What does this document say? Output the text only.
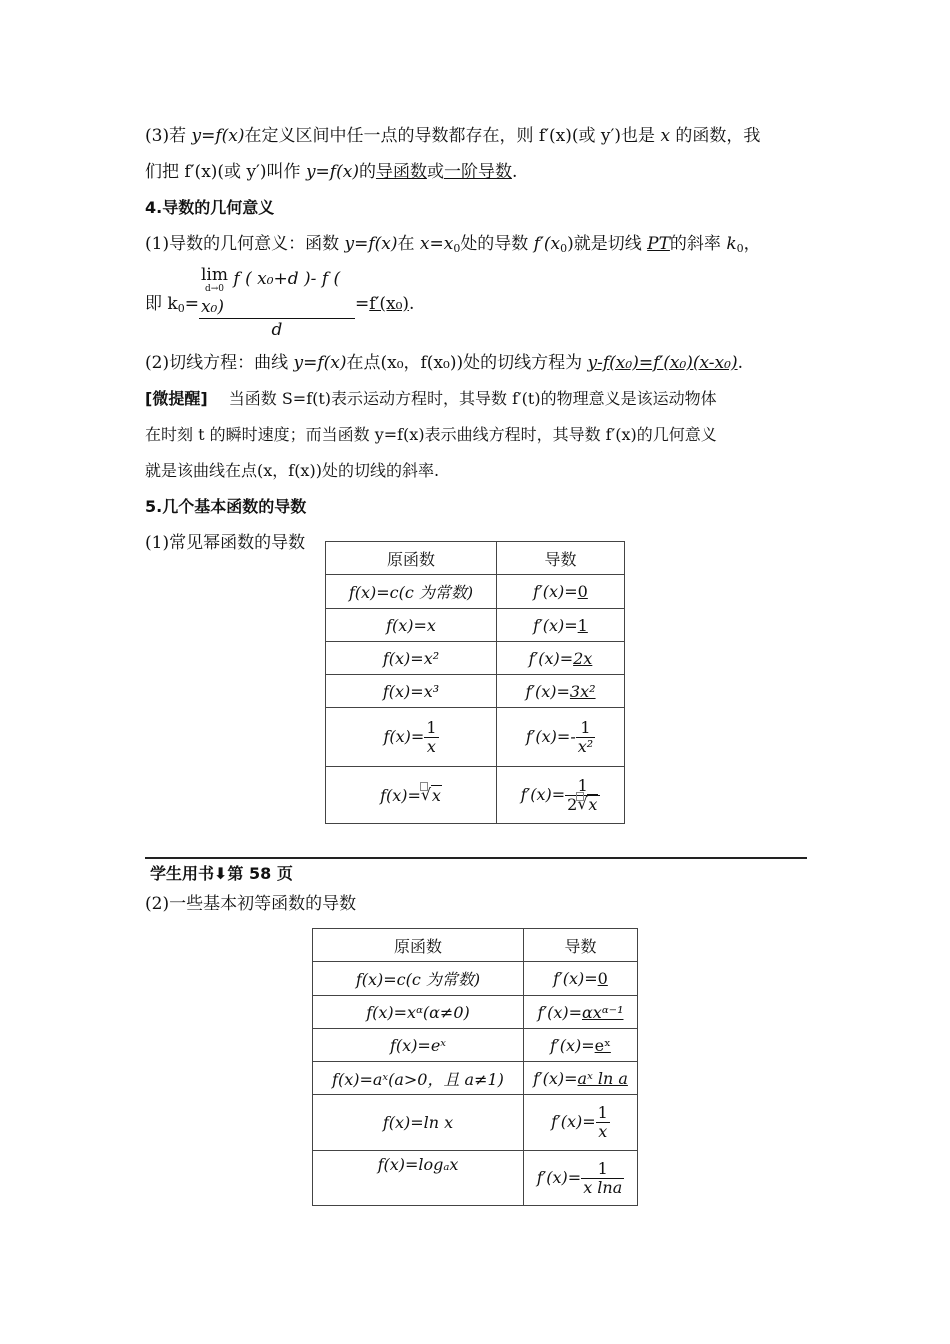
(3)若 y=f(x)在定义区间中任一点的导数都存在，则 f′(x)(或 y′)也是 x 的函数，我
们把 f′(x)(或 y′)叫作 y=f(x)的导函数或一阶导数.

4.导数的几何意义

(1)导数的几何意义：函数 y=f(x)在 $x=x_0$处的导数 $f'(x_0)$就是切线 PT的斜率 $k_0$，

即 $k_0= \lim$
d→0 f ( x₀+d )- f ( x₀)
d =f′(x₀).

(2)切线方程：曲线 y=f(x)在点(x₀，f(x₀))处的切线方程为 y-f(x₀)=f′(x₀)(x-x₀).

[微提醒] 当函数 S=f(t)表示运动方程时，其导数 f′(t)的物理意义是该运动物体
在时刻 t 的瞬时速度；而当函数 y=f(x)表示曲线方程时，其导数 f′(x)的几何意义
就是该曲线在点(x，f(x))处的切线的斜率.

5.几个基本函数的导数

(1)常见幂函数的导数

原函数	导数
f(x)=c(c 为常数)	f′(x)=0
f(x)=x	f′(x)=1
f(x)=x²	f′(x)=2x
f(x)=x³	f′(x)=3x²
$f(x)= \frac{1}{x}$	$f'(x)=- \frac{1}{\text{x²}}$

f(x)= √ x	$f'(x)= \frac{1}{2 √ x}$
学生用书⬇第 58 页
(2)一些基本初等函数的导数
原函数	导数
f(x)=c(c 为常数)	f′(x)=0
f(x)=xᵅ(α≠0)	f′(x)=αxᵅ⁻¹
f(x)=eˣ	f′(x)=eˣ
f(x)=aˣ(a>0，且 a≠1)	f′(x)=aˣ ln a
f(x)=ln x	$f'(x)= \frac{1}{x}$

f(x)=logₐx	$f'(x)= \frac{1}{\text{x lna}}$
